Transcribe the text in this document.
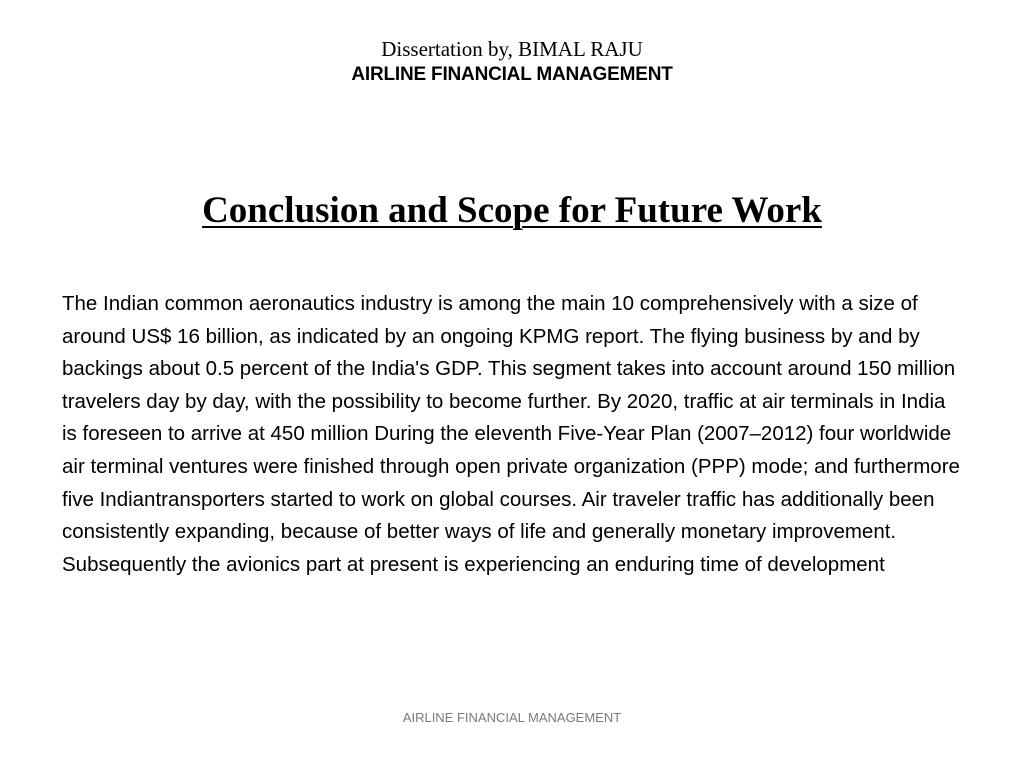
Dissertation by, BIMAL RAJU
AIRLINE FINANCIAL MANAGEMENT
Conclusion and Scope for Future Work
The Indian common aeronautics industry is among the main 10 comprehensively with a size of around US$ 16 billion, as indicated by an ongoing KPMG report. The flying business by and by backings about 0.5 percent of the India's GDP. This segment takes into account around 150 million travelers day by day, with the possibility to become further. By 2020, traffic at air terminals in India is foreseen to arrive at 450 million During the eleventh Five-Year Plan (2007–2012) four worldwide air terminal ventures were finished through open private organization (PPP) mode; and furthermore five Indiantransporters started to work on global courses. Air traveler traffic has additionally been consistently expanding, because of better ways of life and generally monetary improvement. Subsequently the avionics part at present is experiencing an enduring time of development
AIRLINE FINANCIAL MANAGEMENT
